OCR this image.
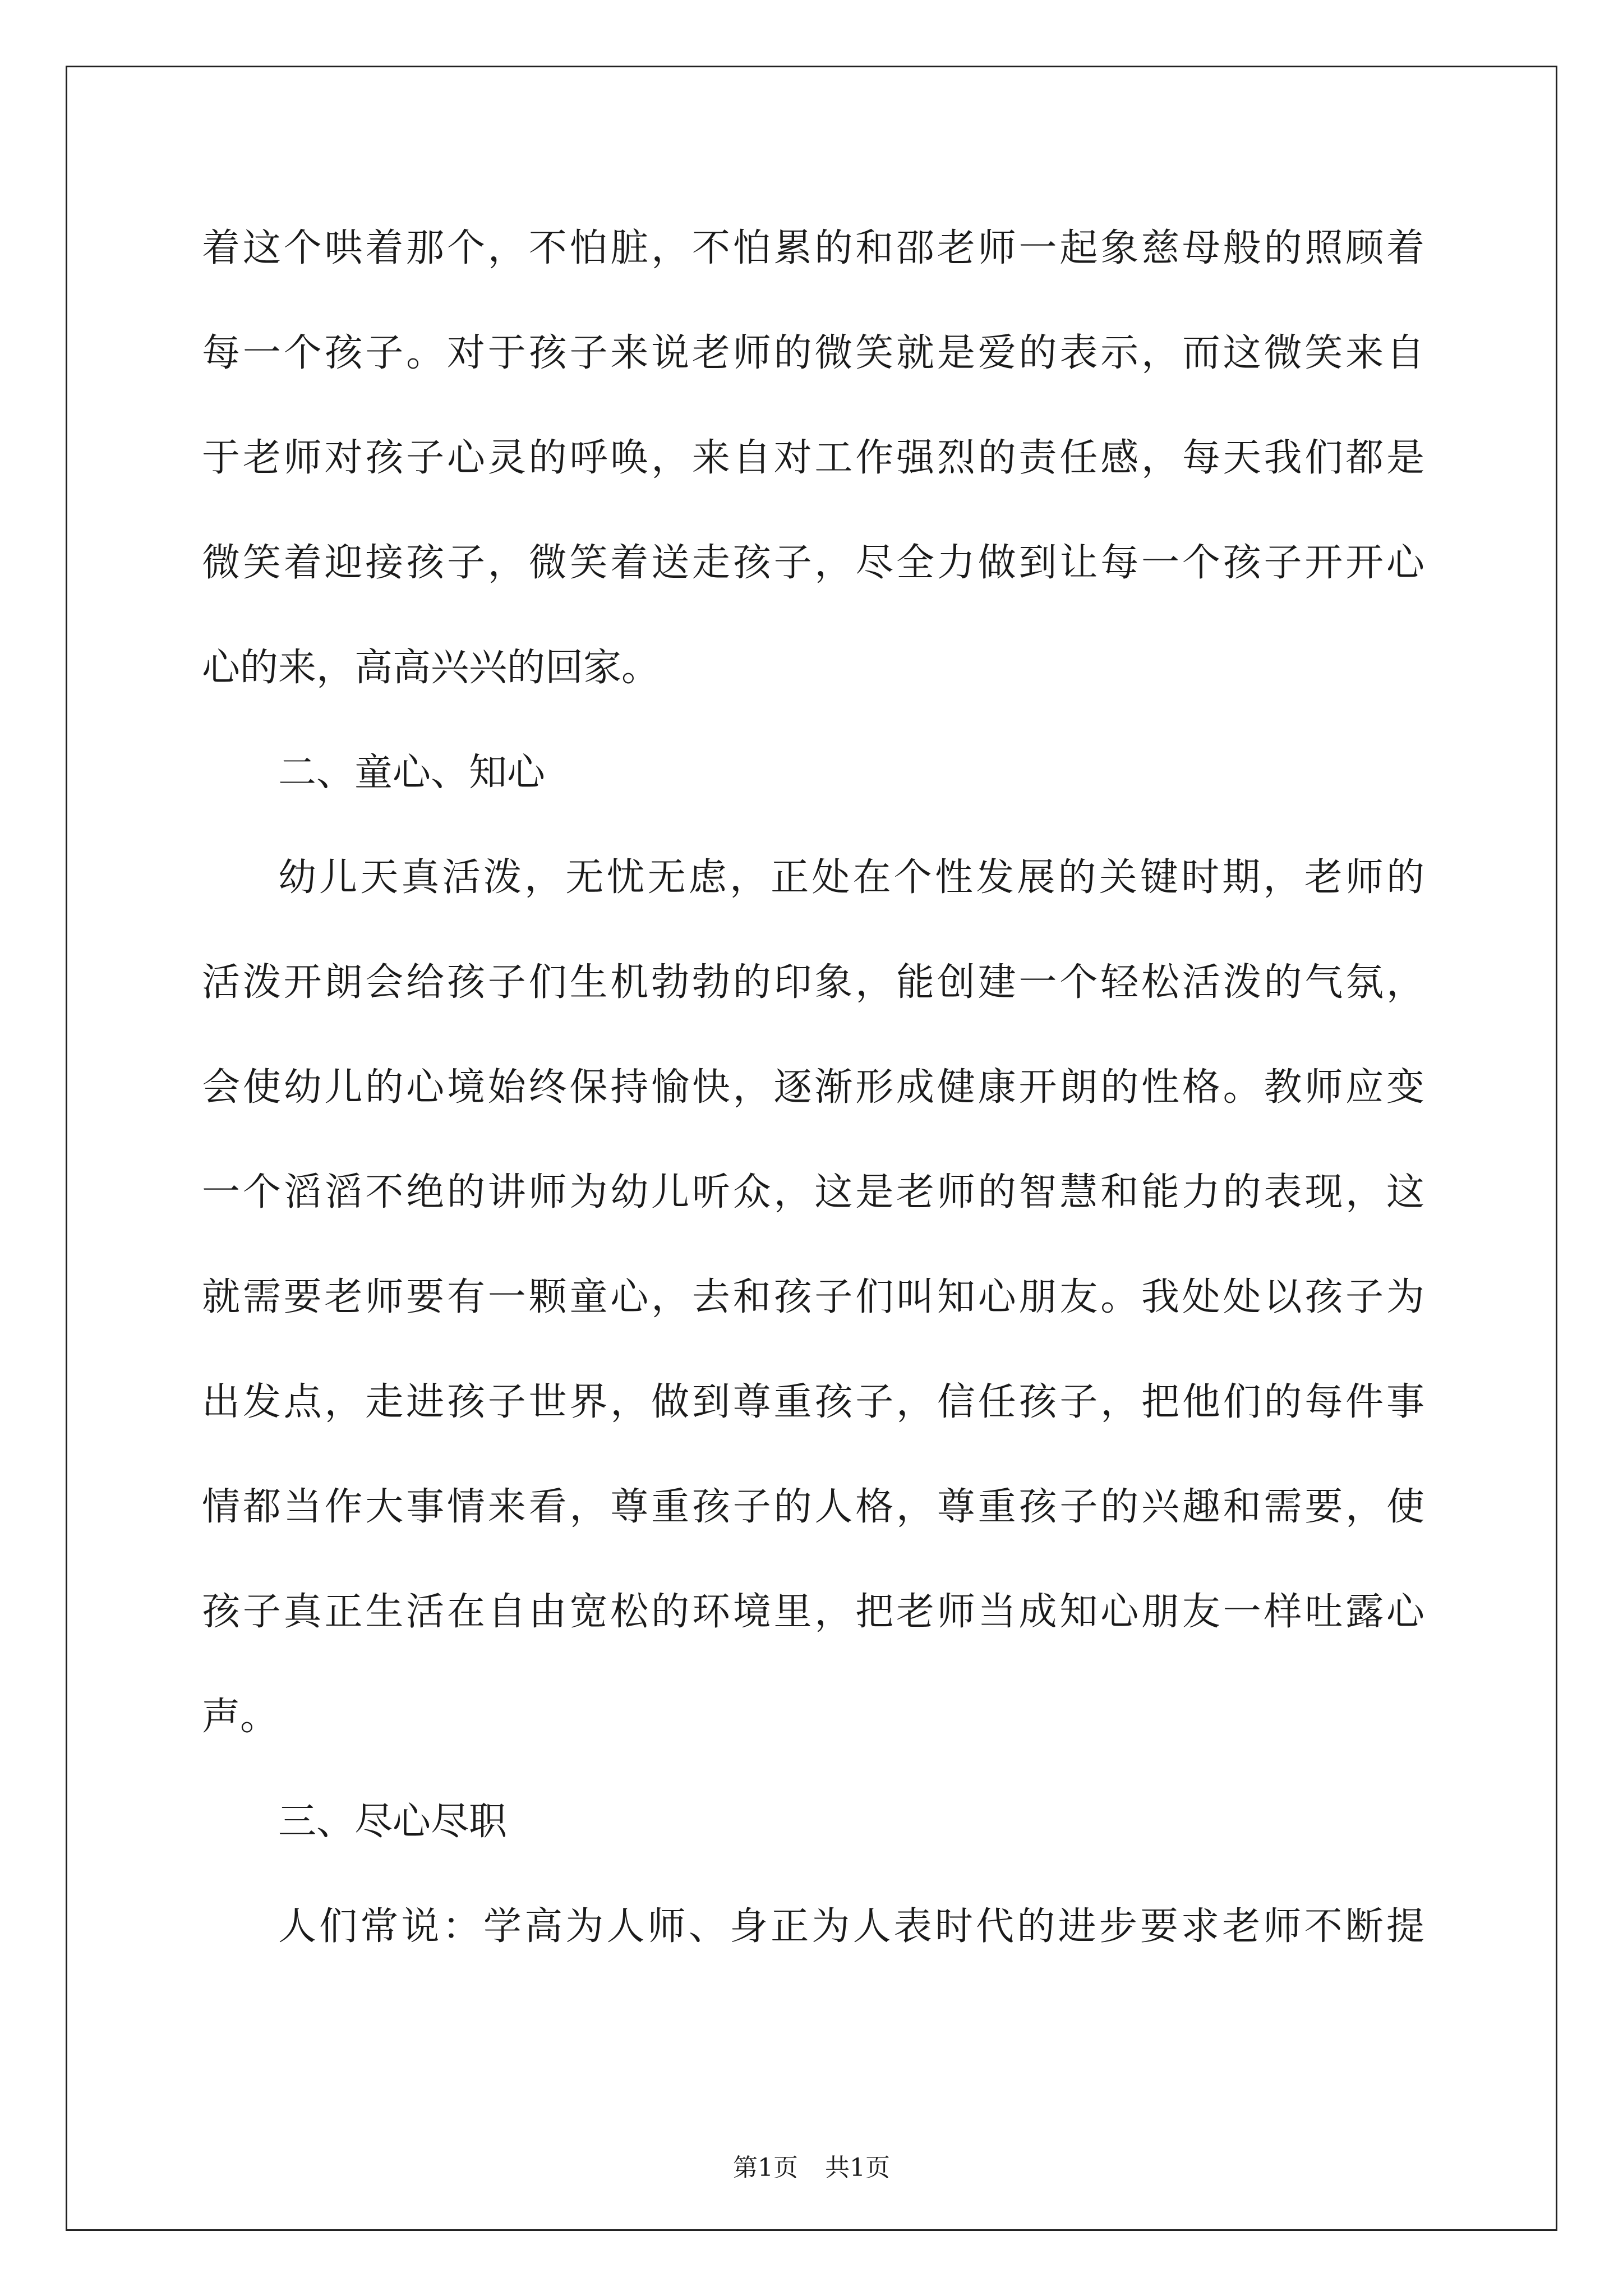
着这个哄着那个，不怕脏，不怕累的和邵老师一起象慈母般的照顾着
每一个孩子。对于孩子来说老师的微笑就是爱的表示，而这微笑来自
于老师对孩子心灵的呼唤，来自对工作强烈的责任感，每天我们都是
微笑着迎接孩子，微笑着送走孩子，尽全力做到让每一个孩子开开心
心的来，高高兴兴的回家。
二、童心、知心
幼儿天真活泼，无忧无虑，正处在个性发展的关键时期，老师的
活泼开朗会给孩子们生机勃勃的印象，能创建一个轻松活泼的气氛，
会使幼儿的心境始终保持愉快，逐渐形成健康开朗的性格。教师应变
一个滔滔不绝的讲师为幼儿听众，这是老师的智慧和能力的表现，这
就需要老师要有一颗童心，去和孩子们叫知心朋友。我处处以孩子为
出发点，走进孩子世界，做到尊重孩子，信任孩子，把他们的每件事
情都当作大事情来看，尊重孩子的人格，尊重孩子的兴趣和需要，使
孩子真正生活在自由宽松的环境里，把老师当成知心朋友一样吐露心
声。
三、尽心尽职
人们常说：学高为人师、身正为人表时代的进步要求老师不断提
第1页 共1页
